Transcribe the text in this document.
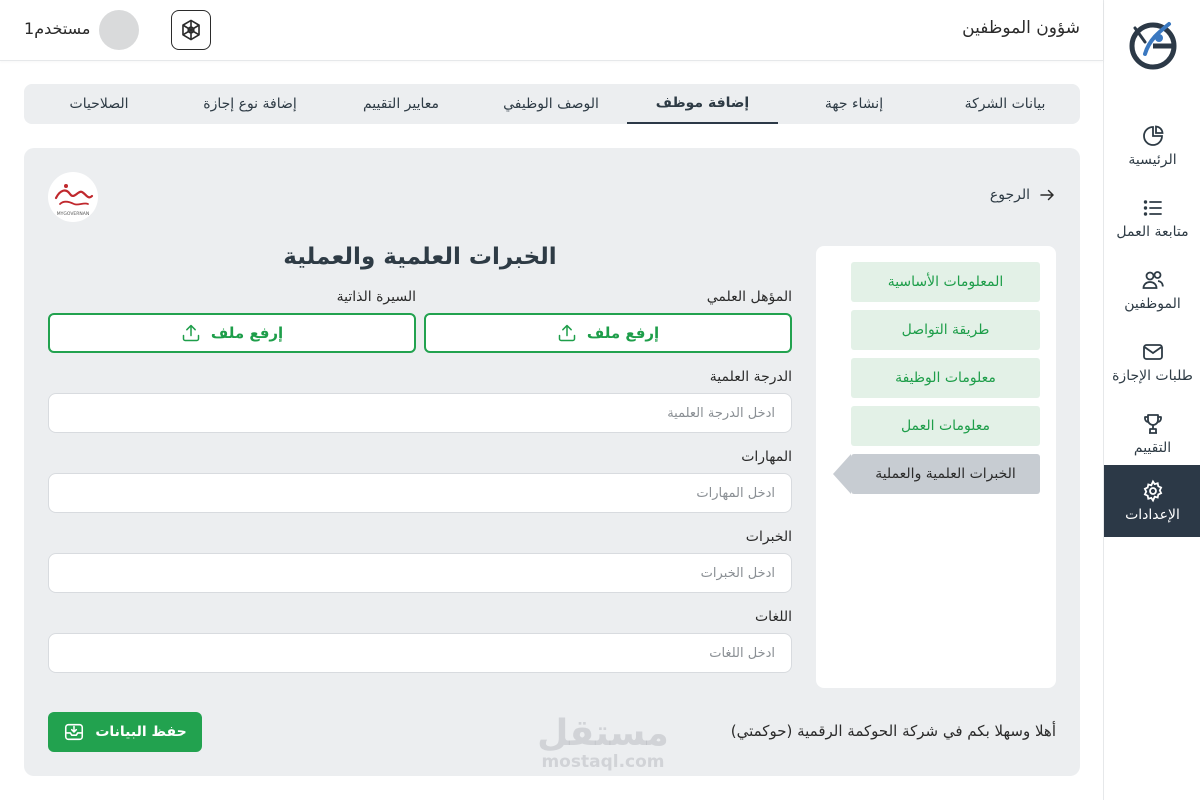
الرئيسية
متابعة العمل
الموظفين
طلبات الإجازة
التقييم
الإعدادات
شؤون الموظفين
مستخدم1
بيانات الشركة
إنشاء جهة
إضافة موظف
الوصف الوظيفي
معايير التقييم
إضافة نوع إجازة
الصلاحيات
الرجوع
MYGOVERNAN
المعلومات الأساسية
طريقة التواصل
معلومات الوظيفة
معلومات العمل
الخبرات العلمية والعملية
الخبرات العلمية والعملية
المؤهل العلمي
السيرة الذاتية
إرفع ملف
إرفع ملف
الدرجة العلمية
ادخل الدرجة العلمية
المهارات
ادخل المهارات
الخبرات
ادخل الخبرات
اللغات
ادخل اللغات
مستقل
mostaql.com
أهلا وسهلا بكم في شركة الحوكمة الرقمية (حوكمتي)
حفظ البيانات
